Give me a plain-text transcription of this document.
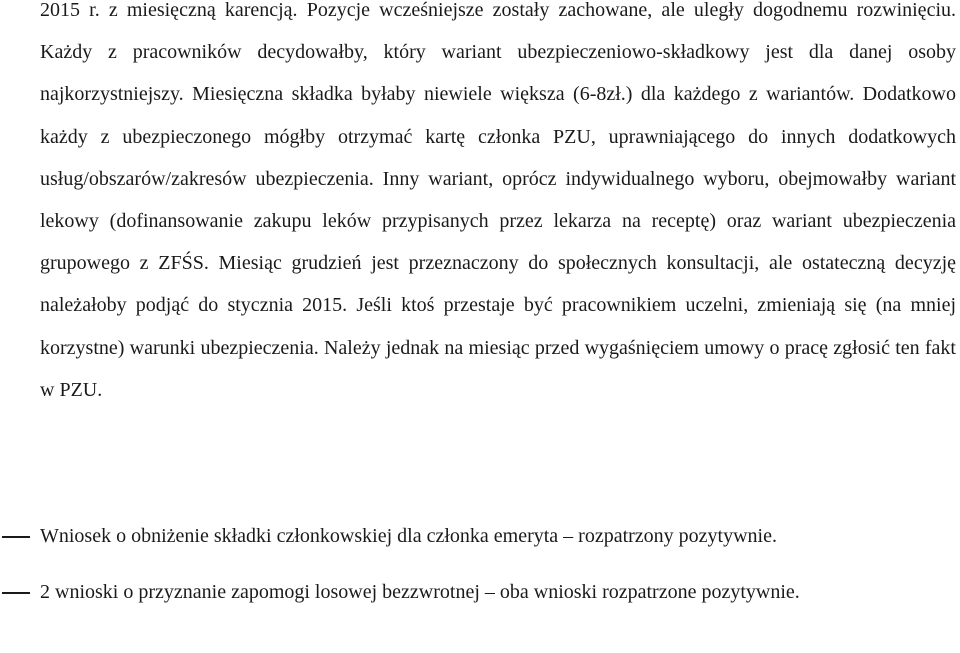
2015 r. z miesięczną karencją. Pozycje wcześniejsze zostały zachowane, ale uległy dogodnemu rozwinięciu. Każdy z pracowników decydowałby, który wariant ubezpieczeniowo-składkowy jest dla danej osoby najkorzystniejszy. Miesięczna składka byłaby niewiele większa (6-8zł.) dla każdego z wariantów. Dodatkowo każdy z ubezpieczonego mógłby otrzymać kartę członka PZU, uprawniającego do innych dodatkowych usług/obszarów/zakresów ubezpieczenia. Inny wariant, oprócz indywidualnego wyboru, obejmowałby wariant lekowy (dofinansowanie zakupu leków przypisanych przez lekarza na receptę) oraz wariant ubezpieczenia grupowego z ZFŚS. Miesiąc grudzień jest przeznaczony do społecznych konsultacji, ale ostateczną decyzję należałoby podjąć do stycznia 2015. Jeśli ktoś przestaje być pracownikiem uczelni, zmieniają się (na mniej korzystne) warunki ubezpieczenia. Należy jednak na miesiąc przed wygaśnięciem umowy o pracę zgłosić ten fakt w PZU.

Wniosek o obniżenie składki członkowskiej dla członka emeryta – rozpatrzony pozytywnie.
2 wnioski o przyznanie zapomogi losowej bezzwrotnej – oba wnioski rozpatrzone pozytywnie.
